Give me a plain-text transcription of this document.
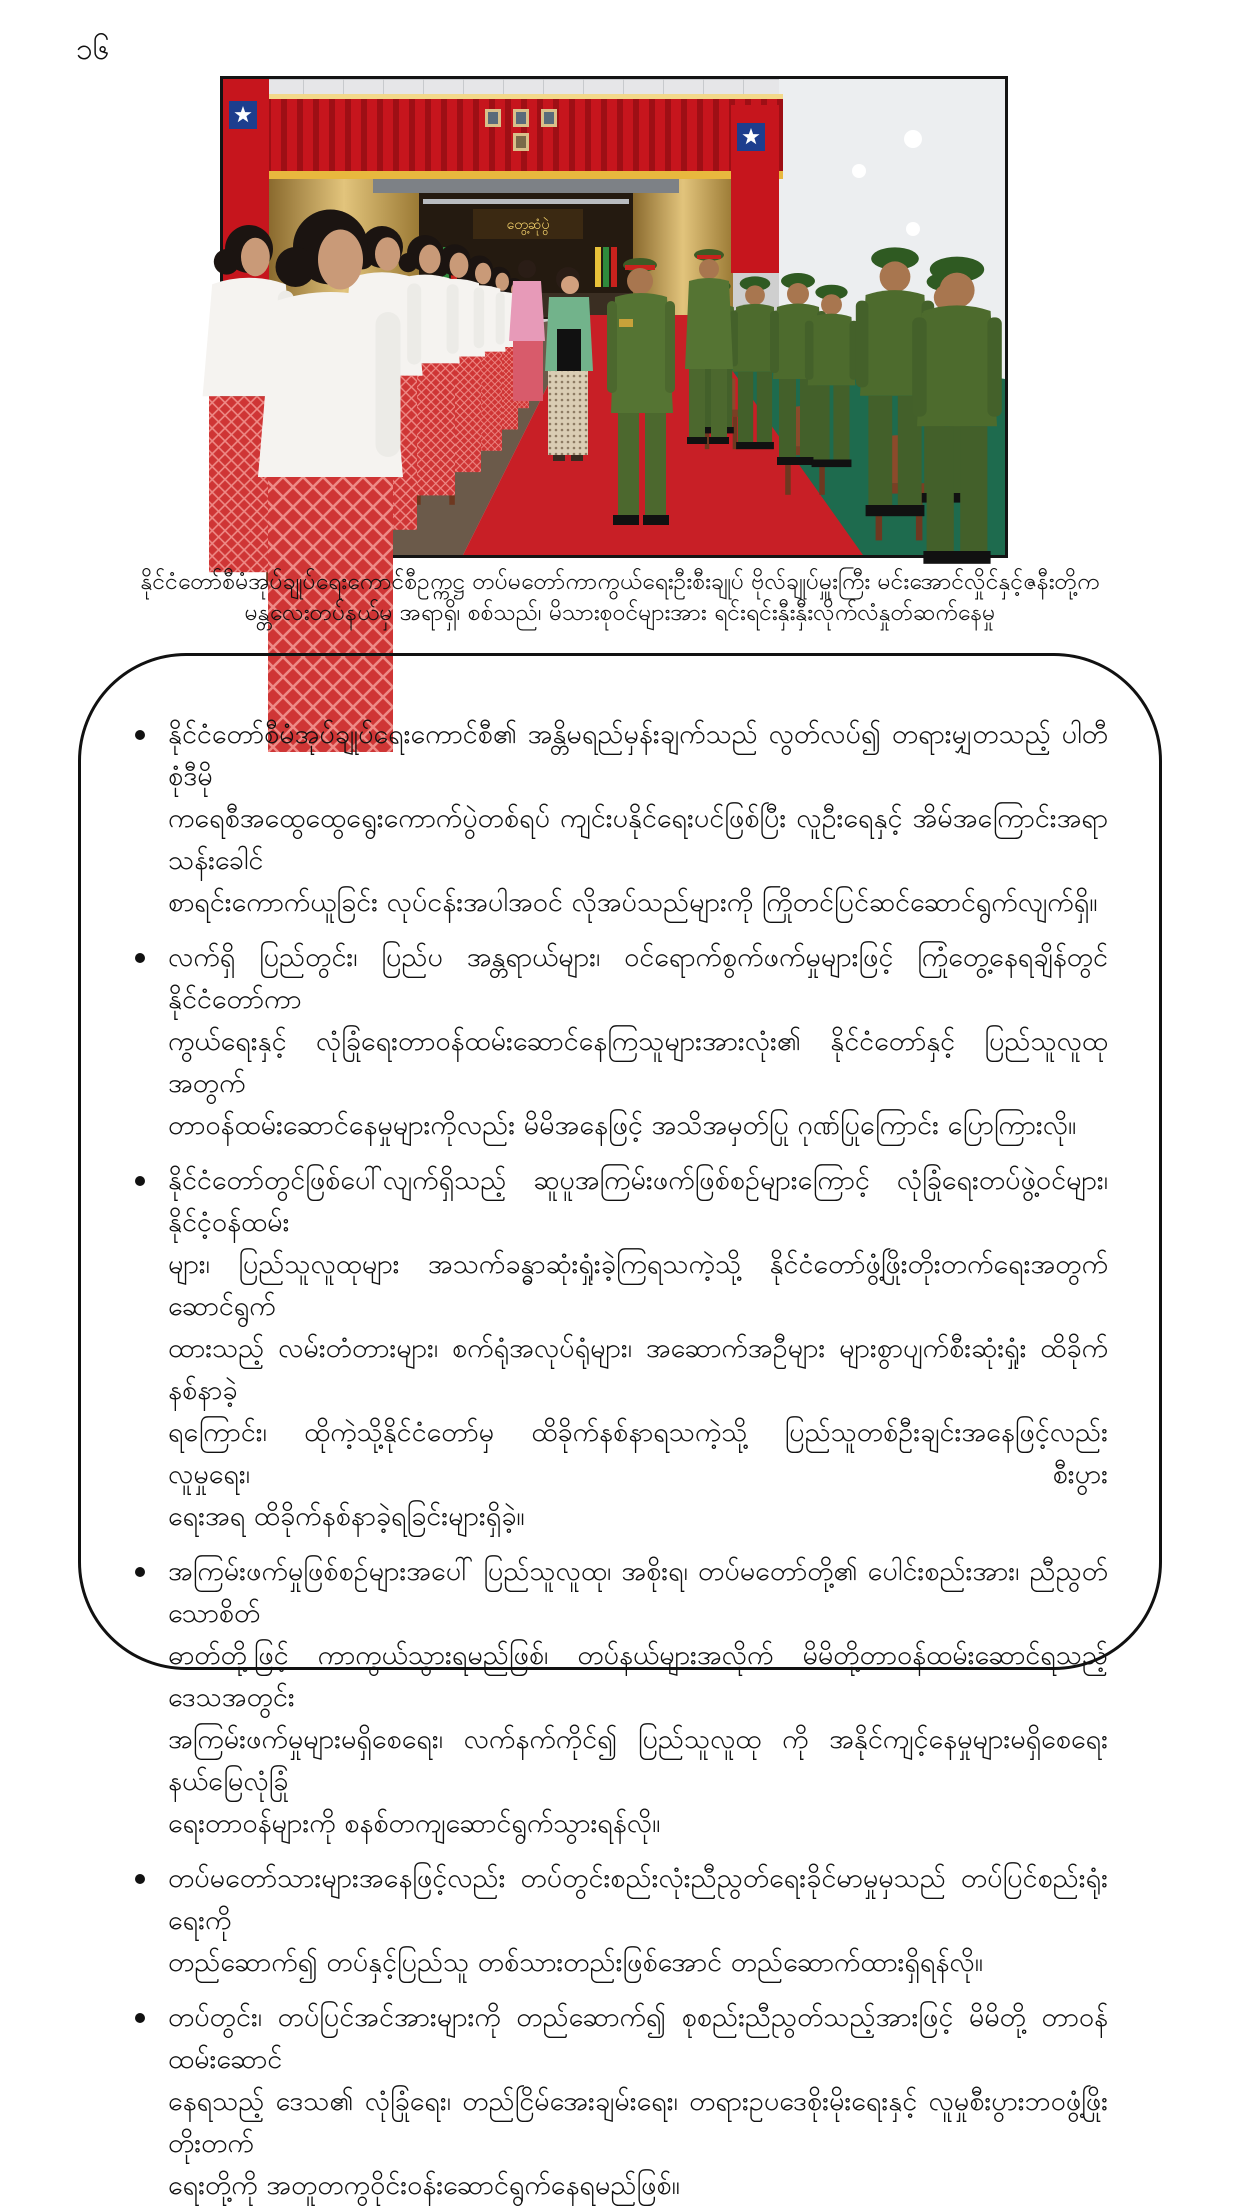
၁၆
တွေ့ဆုံပွဲ
နိုင်ငံတော်စီမံအုပ်ချုပ်ရေးကောင်စီဥက္ကဋ္ဌ တပ်မတော်ကာကွယ်ရေးဦးစီးချုပ် ဗိုလ်ချုပ်မှူးကြီး မင်းအောင်လှိုင်နှင့်ဇနီးတို့က
မန္တလေးတပ်နယ်မှ အရာရှိ၊ စစ်သည်၊ မိသားစုဝင်များအား ရင်းရင်းနှီးနှီးလိုက်လံနှုတ်ဆက်နေမှု
နိုင်ငံတော်စီမံအုပ်ချုပ်ရေးကောင်စီ၏ အန္တိမရည်မှန်းချက်သည် လွတ်လပ်၍ တရားမျှတသည့် ပါတီစုံဒီမို
ကရေစီအထွေထွေရွေးကောက်ပွဲတစ်ရပ် ကျင်းပနိုင်ရေးပင်ဖြစ်ပြီး လူဦးရေနှင့် အိမ်အကြောင်းအရာသန်းခေါင်
စာရင်းကောက်ယူခြင်း လုပ်ငန်းအပါအဝင် လိုအပ်သည်များကို ကြိုတင်ပြင်ဆင်ဆောင်ရွက်လျက်ရှိ။
လက်ရှိ ပြည်တွင်း၊ ပြည်ပ အန္တရာယ်များ၊ ဝင်ရောက်စွက်ဖက်မှုများဖြင့် ကြုံတွေ့နေရချိန်တွင် နိုင်ငံတော်ကာ
ကွယ်ရေးနှင့် လုံခြုံရေးတာဝန်ထမ်းဆောင်နေကြသူများအားလုံး၏ နိုင်ငံတော်နှင့် ပြည်သူလူထုအတွက်
တာဝန်ထမ်းဆောင်နေမှုများကိုလည်း မိမိအနေဖြင့် အသိအမှတ်ပြု ဂုဏ်ပြုကြောင်း ပြောကြားလို။
နိုင်ငံတော်တွင်ဖြစ်ပေါ်လျက်ရှိသည့် ဆူပူအကြမ်းဖက်ဖြစ်စဉ်များကြောင့် လုံခြုံရေးတပ်ဖွဲ့ဝင်များ၊ နိုင်ငံ့ဝန်ထမ်း
များ၊ ပြည်သူလူထုများ အသက်ခန္ဓာဆုံးရှုံးခဲ့ကြရသကဲ့သို့ နိုင်ငံတော်ဖွံ့ဖြိုးတိုးတက်ရေးအတွက် ဆောင်ရွက်
ထားသည့် လမ်းတံတားများ၊ စက်ရုံအလုပ်ရုံများ၊ အဆောက်အဦများ များစွာပျက်စီးဆုံးရှုံး ထိခိုက်နစ်နာခဲ့
ရကြောင်း၊ ထိုကဲ့သို့နိုင်ငံတော်မှ ထိခိုက်နစ်နာရသကဲ့သို့ ပြည်သူတစ်ဦးချင်းအနေဖြင့်လည်း လူမှုရေး၊ စီးပွား
ရေးအရ ထိခိုက်နစ်နာခဲ့ရခြင်းများရှိခဲ့။
အကြမ်းဖက်မှုဖြစ်စဉ်များအပေါ် ပြည်သူလူထု၊ အစိုးရ၊ တပ်မတော်တို့၏ ပေါင်းစည်းအား၊ ညီညွတ်သောစိတ်
ဓာတ်တို့ဖြင့် ကာကွယ်သွားရမည်ဖြစ်၊ တပ်နယ်များအလိုက် မိမိတို့တာဝန်ထမ်းဆောင်ရသည့် ဒေသအတွင်း
အကြမ်းဖက်မှုများမရှိစေရေး၊ လက်နက်ကိုင်၍ ပြည်သူလူထု ကို အနိုင်ကျင့်နေမှုများမရှိစေရေး နယ်မြေလုံခြုံ
ရေးတာဝန်များကို စနစ်တကျဆောင်ရွက်သွားရန်လို။
တပ်မတော်သားများအနေဖြင့်လည်း တပ်တွင်းစည်းလုံးညီညွတ်ရေးခိုင်မာမှုမှသည် တပ်ပြင်စည်းရုံးရေးကို
တည်ဆောက်၍ တပ်နှင့်ပြည်သူ တစ်သားတည်းဖြစ်အောင် တည်ဆောက်ထားရှိရန်လို။
တပ်တွင်း၊ တပ်ပြင်အင်အားများကို တည်ဆောက်၍ စုစည်းညီညွတ်သည့်အားဖြင့် မိမိတို့ တာဝန်ထမ်းဆောင်
နေရသည့် ဒေသ၏ လုံခြုံရေး၊ တည်ငြိမ်အေးချမ်းရေး၊ တရားဥပဒေစိုးမိုးရေးနှင့် လူမှုစီးပွားဘဝဖွံ့ဖြိုးတိုးတက်
ရေးတို့ကို အတူတကွဝိုင်းဝန်းဆောင်ရွက်နေရမည်ဖြစ်။
